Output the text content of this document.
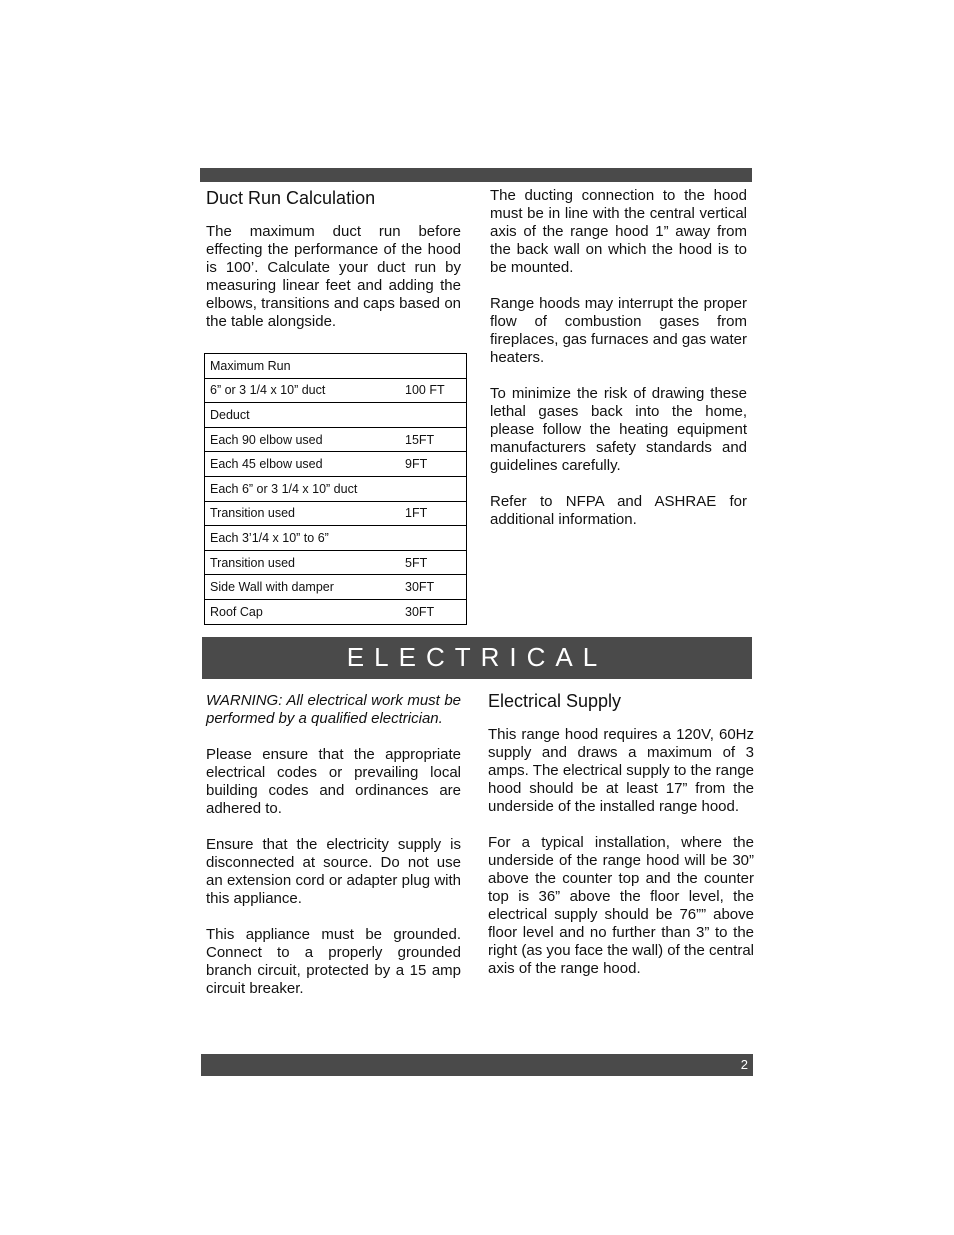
Duct Run Calculation

The maximum duct run before effecting the performance of the hood is 100’. Calculate your duct run by measuring linear feet and adding the elbows, transitions and caps based on the table alongside.

Maximum Run	
6” or 3 1/4 x 10” duct	100 FT
Deduct	
Each 90 elbow used	15FT
Each 45 elbow used	9FT
Each 6” or 3 1/4 x 10” duct	
Transition used	1FT
Each 3’1/4 x 10” to 6”	
Transition used	5FT
Side Wall with damper	30FT
Roof Cap	30FT

The ducting connection to the hood must be in line with the central vertical axis of the range hood 1” away from the back wall on which the hood is to be mounted.

Range hoods may interrupt the proper flow of combustion gases from fireplaces, gas furnaces and gas water heaters.

To minimize the risk of drawing these lethal gases back into the home, please follow the heating equipment manufacturers safety standards and guidelines carefully.

Refer to NFPA and ASHRAE for additional information.

ELECTRICAL

WARNING: All electrical work must be performed by a qualified electrician.

Please ensure that the appropriate electrical codes or prevailing local building codes and ordinances are adhered to.

Ensure that the electricity supply is disconnected at source. Do not use an extension cord or adapter plug with this appliance.

This appliance must be grounded. Connect to a properly grounded branch circuit, protected by a 15 amp circuit breaker.

Electrical Supply

This range hood requires a 120V, 60Hz supply and draws a maximum of 3 amps. The electrical supply to the range hood should be at least 17” from the underside of the installed range hood.

For a typical installation, where the underside of the range hood will be 30” above the counter top and the counter top is 36” above the floor level, the electrical supply should be 76”” above floor level and no further than 3” to the right (as you face the wall) of the central axis of the range hood.

2
